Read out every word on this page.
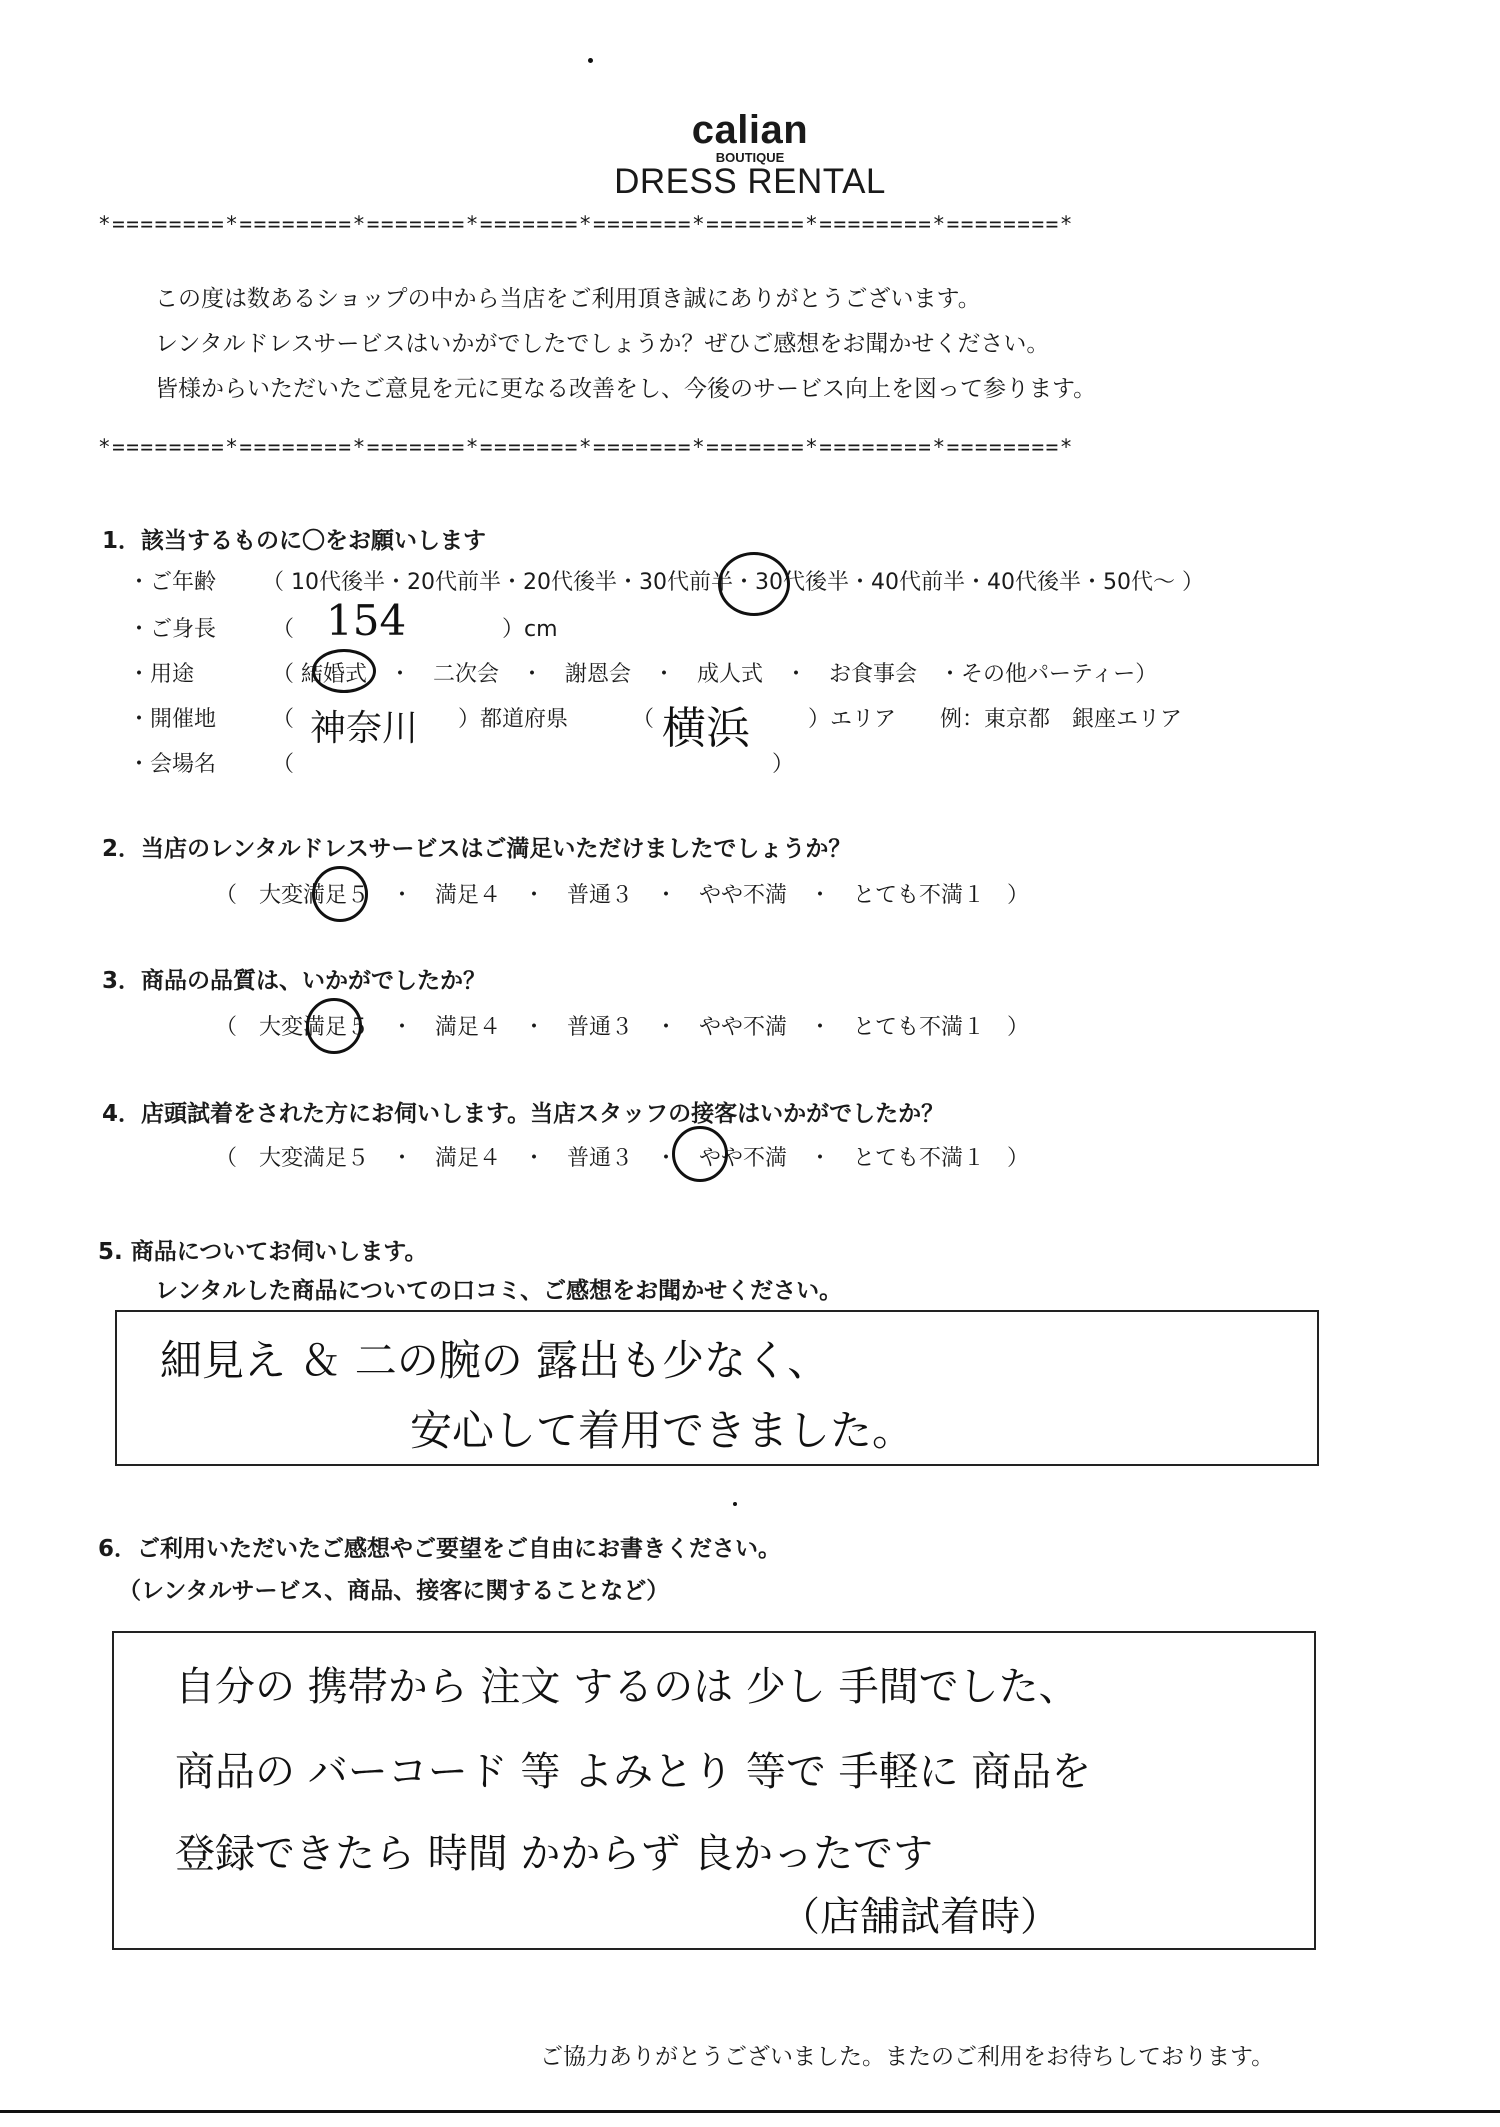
calian
BOUTIQUE
DRESS RENTAL
*========*========*=======*=======*=======*=======*========*========*
この度は数あるショップの中から当店をご利用頂き誠にありがとうございます。
レンタルドレスサービスはいかがでしたでしょうか？ぜひご感想をお聞かせください。
皆様からいただいたご意見を元に更なる改善をし、今後のサービス向上を図って参ります。
*========*========*=======*=======*=======*=======*========*========*
1．該当するものに〇をお願いします
・ご年齢 （ 10代後半・20代前半・20代後半・30代前半・30代後半・40代前半・40代後半・50代〜 ）
・ご身長	（ 154	）cm
・用途	（ 結婚式　・　二次会　・　謝恩会　・　成人式　・　お食事会　・その他パーティー）
・開催地	（ 神奈川 ）都道府県	（ 横浜	）エリア　　例：東京都　銀座エリア
・会場名	（	）
2．当店のレンタルドレスサービスはご満足いただけましたでしょうか？
（　大変満足５　・　満足４　・　普通３　・　やや不満　・　とても不満１　）
3．商品の品質は、いかがでしたか？
（　大変満足５　・　満足４　・　普通３　・　やや不満　・　とても不満１　）
4．店頭試着をされた方にお伺いします。当店スタッフの接客はいかがでしたか？
（　大変満足５　・　満足４　・　普通３　・　やや不満　・　とても不満１　）
5. 商品についてお伺いします。
レンタルした商品についての口コミ、ご感想をお聞かせください。
細見え ＆ 二の腕の 露出も少なく、
安心して着用できました。
6．ご利用いただいたご感想やご要望をご自由にお書きください。
（レンタルサービス、商品、接客に関することなど）
自分の 携帯から 注文 するのは 少し 手間でした、
商品の バーコード 等 よみとり 等で 手軽に 商品を
登録できたら 時間 かからず 良かったです
（店舗試着時）
ご協力ありがとうございました。またのご利用をお待ちしております。
